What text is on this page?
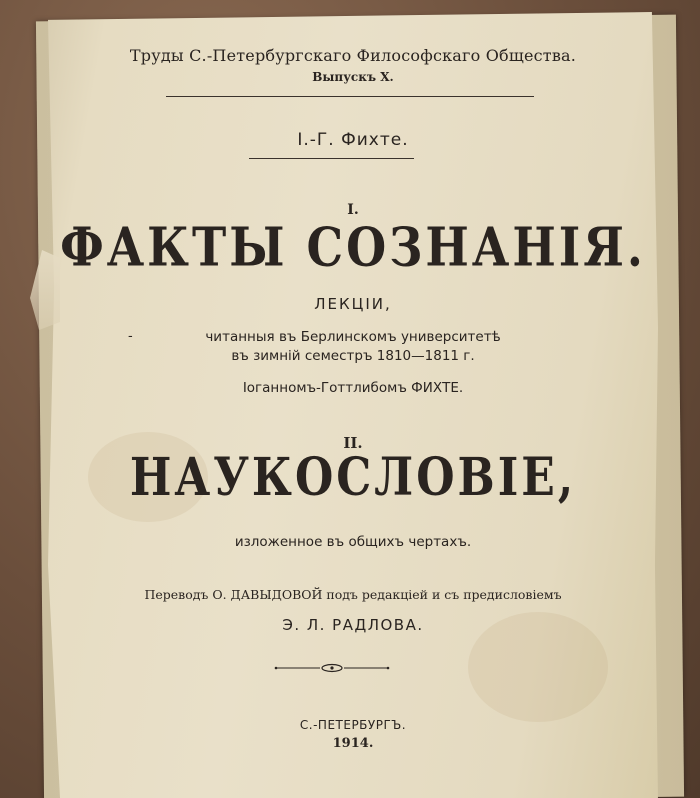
Труды С.-Петербургскаго Философскаго Общества.
Выпускъ X.
I.-Г. Фихте.
I.
ФАКТЫ СОЗНАНІЯ.
ЛЕКЦІИ,
-	читанныя въ Берлинскомъ университетѣ
въ зимній семестръ 1810—1811 г.
Іоганномъ-Готтлибомъ ФИХТЕ.
II.
НАУКОСЛОВІЕ,
изложенное въ общихъ чертахъ.
Переводъ О. ДАВЫДОВОЙ подъ редакціей и съ предисловіемъ
Э. Л. РАДЛОВА.
С.-ПЕТЕРБУРГЪ.
1914.
